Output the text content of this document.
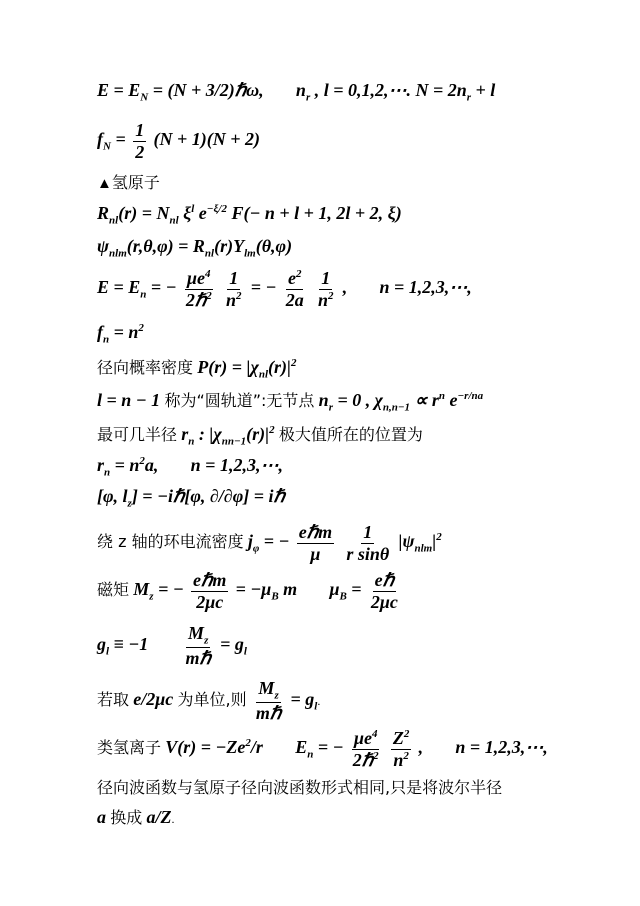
$E = E_N = (N$ + 3/2)ℏω, $n_r$ , l = 0,1,2,⋯. $N = 2n_r + l$
$f_N = \frac{1}{2} (N + 1)(N + 2)$
▲氢原子
$R_{nl}(r) = N_{nl}$ $\xi^l$ $e^{-\xi/2}$ F(− n + l + 1, 2l + 2, ξ)
$\psi_{nlm}(r,\theta,\varphi) = R_{nl}(r)Y_{lm}(\theta,\varphi)$
$E = E_n$ = − $\frac{\mu e^4}{2\hbar^2}$
$\frac{1}{n^2}$ = − $\frac{e^2}{2a}$
$\frac{1}{n^2}$ , n = 1,2,3,⋯,
$f_n = n^2$
径向概率密度 $P(r) = |\chi_{nl}(r)|^2$
l = n − 1 称为“圆轨道”:无节点 $n_r = 0$ , $\chi_{n,n-1} \propto r^n$ $e^{-r/na}$
最可几半径 $r_n$ : $|\chi_{nn-1}(r)|^2$ 极大值所在的位置为
$r_n = n^2a$, n = 1,2,3,⋯,
[φ, $l_z$] = −iℏ[φ, ∂/∂φ] = iℏ
绕 z 轴的环电流密度 $j_\varphi$ = − $\frac{\text{eℏm}}{\mu}$
$\frac{1}{\text{r sinθ}} |\psi_{nlm}|^2$
磁矩 $M_z$ = − $\frac{\text{eℏm}}{2\mu c} = -\mu_B$ m $\mu_B = \frac{\text{eℏ}}{2\mu c}$
$g_l \equiv -1 \frac{M_z}{\text{mℏ}} = g_l$
若取 e/2μc 为单位,则 $\frac{M_z}{\text{mℏ}} = g_l$.
类氢离子 $V(r) = -Ze^2/r$ $E_n$ = − $\frac{\mu e^4}{2\hbar^2}$
$\frac{Z^2}{n^2}$ , n = 1,2,3,⋯,
径向波函数与氢原子径向波函数形式相同,只是将波尔半径
a 换成 a/Z.
